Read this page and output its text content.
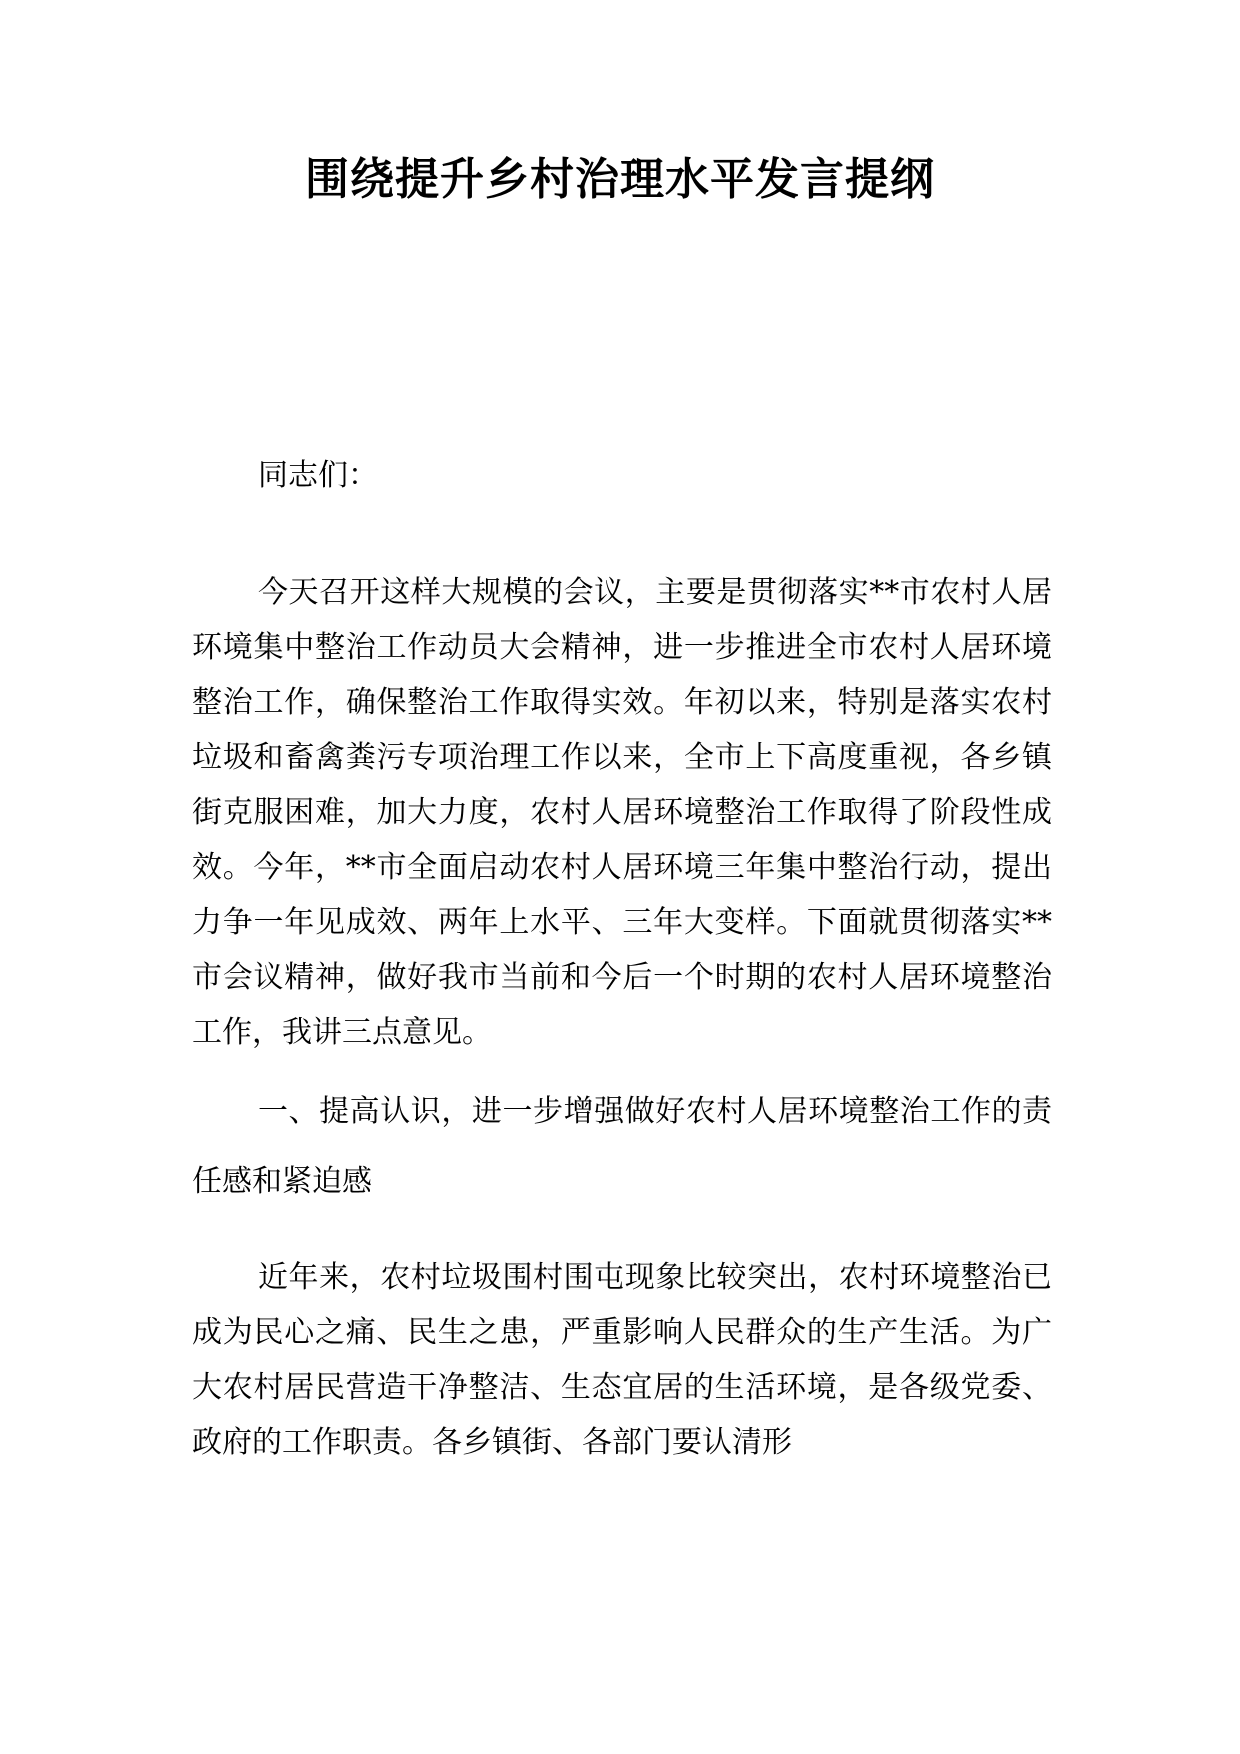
围绕提升乡村治理水平发言提纲

同志们：

今天召开这样大规模的会议，主要是贯彻落实**市农村人居环境集中整治工作动员大会精神，进一步推进全市农村人居环境整治工作，确保整治工作取得实效。年初以来，特别是落实农村垃圾和畜禽粪污专项治理工作以来，全市上下高度重视，各乡镇街克服困难，加大力度，农村人居环境整治工作取得了阶段性成效。今年，**市全面启动农村人居环境三年集中整治行动，提出力争一年见成效、两年上水平、三年大变样。下面就贯彻落实**市会议精神，做好我市当前和今后一个时期的农村人居环境整治工作，我讲三点意见。

一、提高认识，进一步增强做好农村人居环境整治工作的责任感和紧迫感

近年来，农村垃圾围村围屯现象比较突出，农村环境整治已成为民心之痛、民生之患，严重影响人民群众的生产生活。为广大农村居民营造干净整洁、生态宜居的生活环境，是各级党委、政府的工作职责。各乡镇街、各部门要认清形
